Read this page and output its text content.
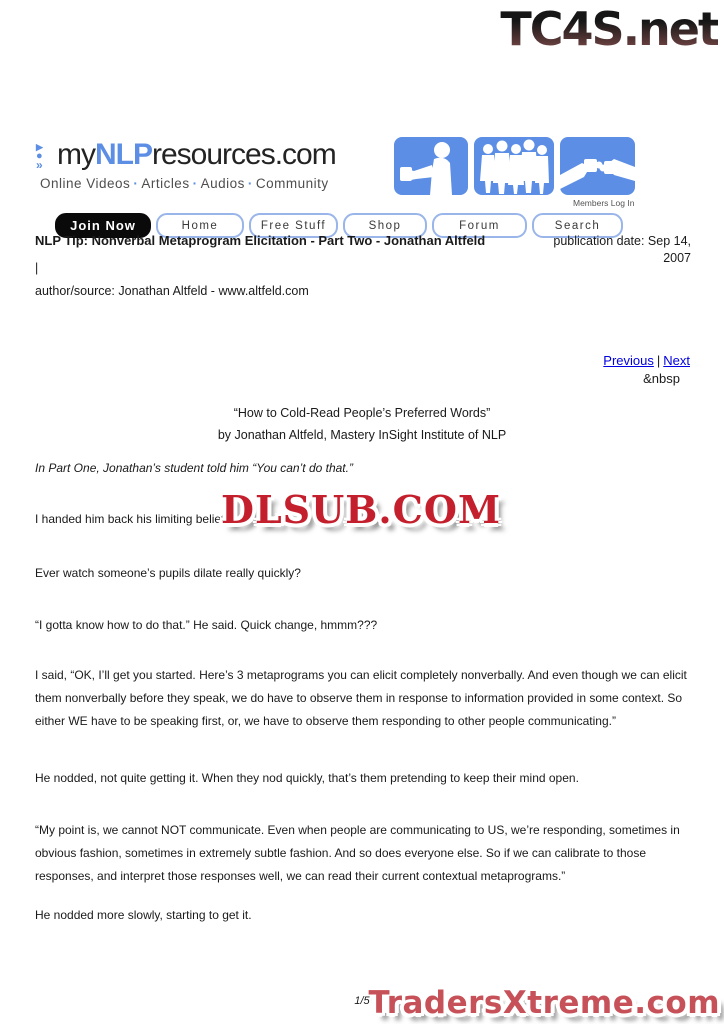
TC4S.net
▶
●
» myNLPresources.com
Online Videos · Articles · Audios · Community
Members Log In
Join Now	Home	Free Stuff	Shop	Forum	Search
NLP Tip: Nonverbal Metaprogram Elicitation - Part Two - Jonathan Altfeld	publication date: Sep 14,
2007
|
author/source: Jonathan Altfeld - www.altfeld.com
Previous | Next
&nbsp
“How to Cold-Read People’s Preferred Words”
by Jonathan Altfeld, Mastery InSight Institute of NLP
In Part One, Jonathan’s student told him “You can’t do that.”
I handed him back his limiting belief
Ever watch someone’s pupils dilate really quickly?
“I gotta know how to do that.” He said. Quick change, hmmm???
I said, “OK, I’ll get you started. Here’s 3 metaprograms you can elicit completely nonverbally. And even though we can elicit them nonverbally before they speak, we do have to observe them in response to information provided in some context. So either WE have to be speaking first, or, we have to observe them responding to other people communicating.”
He nodded, not quite getting it. When they nod quickly, that’s them pretending to keep their mind open.
“My point is, we cannot NOT communicate. Even when people are communicating to US, we’re responding, sometimes in obvious fashion, sometimes in extremely subtle fashion. And so does everyone else. So if we can calibrate to those responses, and interpret those responses well, we can read their current contextual metaprograms.”
He nodded more slowly, starting to get it.
DLSUB.COM
TradersXtreme.com
1/5
